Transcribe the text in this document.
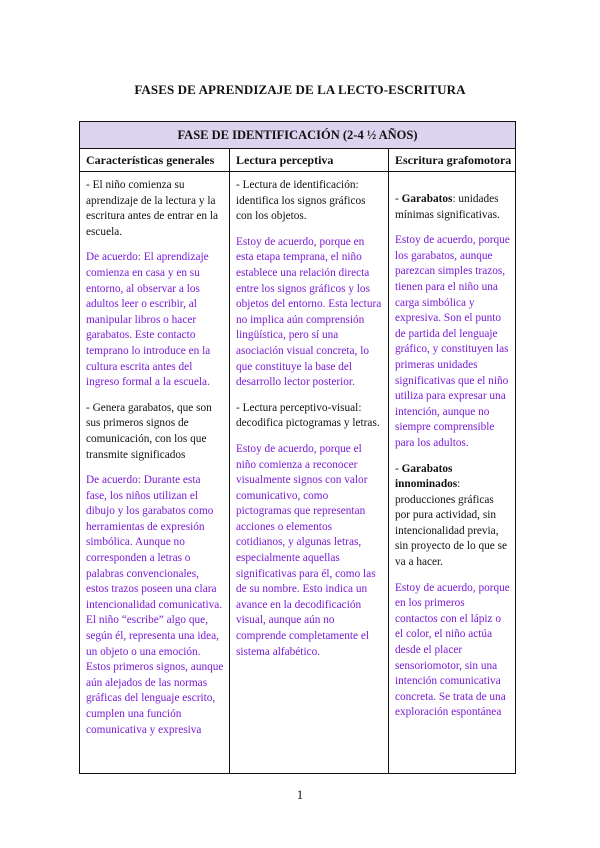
FASES DE APRENDIZAJE DE LA LECTO-ESCRITURA
FASE DE IDENTIFICACIÓN (2-4 ½ AÑOS)
Características generales	Lectura perceptiva	Escritura grafomotora

- El niño comienza su aprendizaje de la lectura y la escritura antes de entrar en la escuela.

De acuerdo: El aprendizaje comienza en casa y en su entorno, al observar a los adultos leer o escribir, al manipular libros o hacer garabatos. Este contacto temprano lo introduce en la cultura escrita antes del ingreso formal a la escuela.

- Genera garabatos, que son sus primeros signos de comunicación, con los que transmite significados

De acuerdo: Durante esta fase, los niños utilizan el dibujo y los garabatos como herramientas de expresión simbólica. Aunque no corresponden a letras o palabras convencionales, estos trazos poseen una clara intencionalidad comunicativa. El niño “escribe” algo que, según él, representa una idea, un objeto o una emoción. Estos primeros signos, aunque aún alejados de las normas gráficas del lenguaje escrito, cumplen una función comunicativa y expresiva

- Lectura de identificación: identifica los signos gráficos con los objetos.

Estoy de acuerdo, porque en esta etapa temprana, el niño establece una relación directa entre los signos gráficos y los objetos del entorno. Esta lectura no implica aún comprensión lingüística, pero sí una asociación visual concreta, lo que constituye la base del desarrollo lector posterior.

- Lectura perceptivo-visual: decodifica pictogramas y letras.

Estoy de acuerdo, porque el niño comienza a reconocer visualmente signos con valor comunicativo, como pictogramas que representan acciones o elementos cotidianos, y algunas letras, especialmente aquellas significativas para él, como las de su nombre. Esto indica un avance en la decodificación visual, aunque aún no comprende completamente el sistema alfabético.

- Garabatos: unidades mínimas significativas.

Estoy de acuerdo, porque los garabatos, aunque parezcan simples trazos, tienen para el niño una carga simbólica y expresiva. Son el punto de partida del lenguaje gráfico, y constituyen las primeras unidades significativas que el niño utiliza para expresar una intención, aunque no siempre comprensible para los adultos.

- Garabatos innominados: producciones gráficas por pura actividad, sin intencionalidad previa, sin proyecto de lo que se va a hacer.

Estoy de acuerdo, porque en los primeros contactos con el lápiz o el color, el niño actúa desde el placer sensoriomotor, sin una intención comunicativa concreta. Se trata de una exploración espontánea

1
